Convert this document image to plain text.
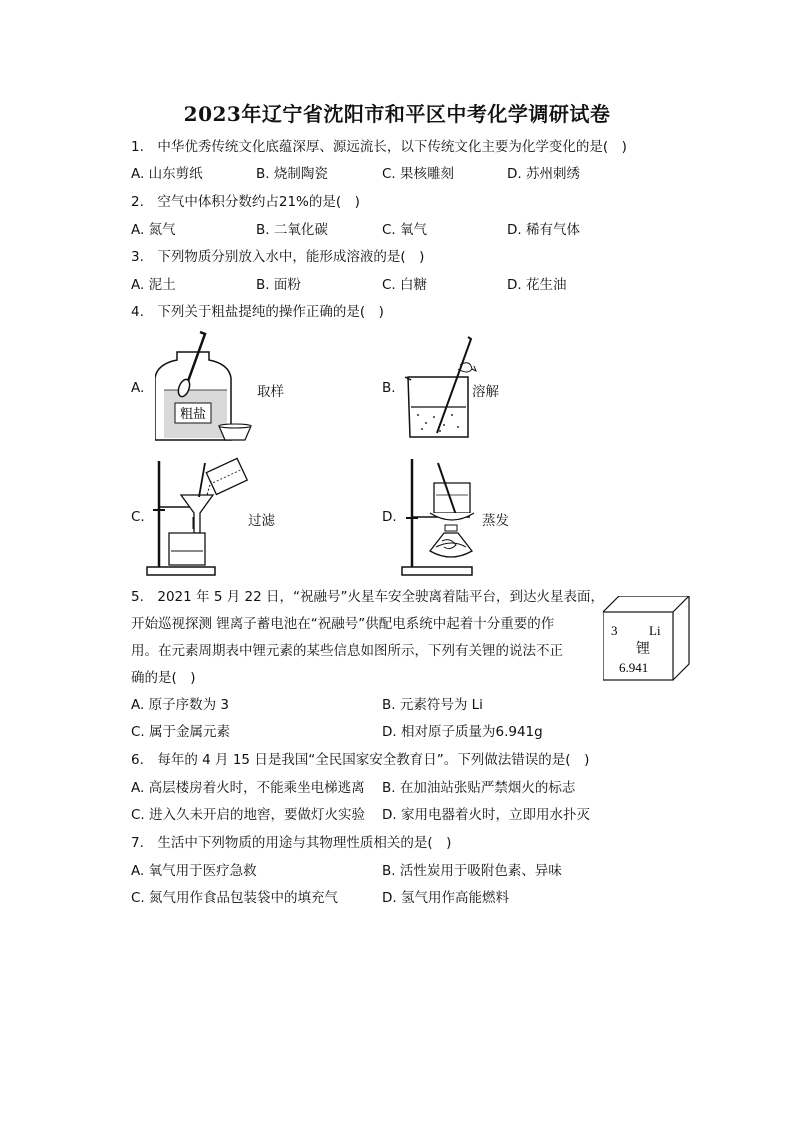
2023年辽宁省沈阳市和平区中考化学调研试卷
1.　中华优秀传统文化底蕴深厚、源远流长，以下传统文化主要为化学变化的是(　)
A. 山东剪纸	B. 烧制陶瓷	C. 果核雕刻	D. 苏州刺绣
2.　空气中体积分数约占21%的是(　)
A. 氮气	B. 二氧化碳	C. 氧气	D. 稀有气体
3.　下列物质分别放入水中，能形成溶液的是(　)
A. 泥土	B. 面粉	C. 白糖	D. 花生油
4.　下列关于粗盐提纯的操作正确的是(　)
A.	取样	B.	溶解
C.	过滤	D.	蒸发
粗盐
5.　2021 年 5 月 22 日，“祝融号”火星车安全驶离着陆平台，到达火星表面，
开始巡视探测 锂离子蓄电池在“祝融号”供配电系统中起着十分重要的作
用。在元素周期表中锂元素的某些信息如图所示，下列有关锂的说法不正
确的是(　)
3 Li
锂
6.941
A. 原子序数为 3	B. 元素符号为 Li
C. 属于金属元素	D. 相对原子质量为6.941g
6.　每年的 4 月 15 日是我国“全民国家安全教育日”。下列做法错误的是(　)
A. 高层楼房着火时，不能乘坐电梯逃离 B. 在加油站张贴严禁烟火的标志
C. 进入久未开启的地窖，要做灯火实验 D. 家用电器着火时，立即用水扑灭
7.　生活中下列物质的用途与其物理性质相关的是(　)
A. 氧气用于医疗急救	B. 活性炭用于吸附色素、异味
C. 氮气用作食品包装袋中的填充气	D. 氢气用作高能燃料
